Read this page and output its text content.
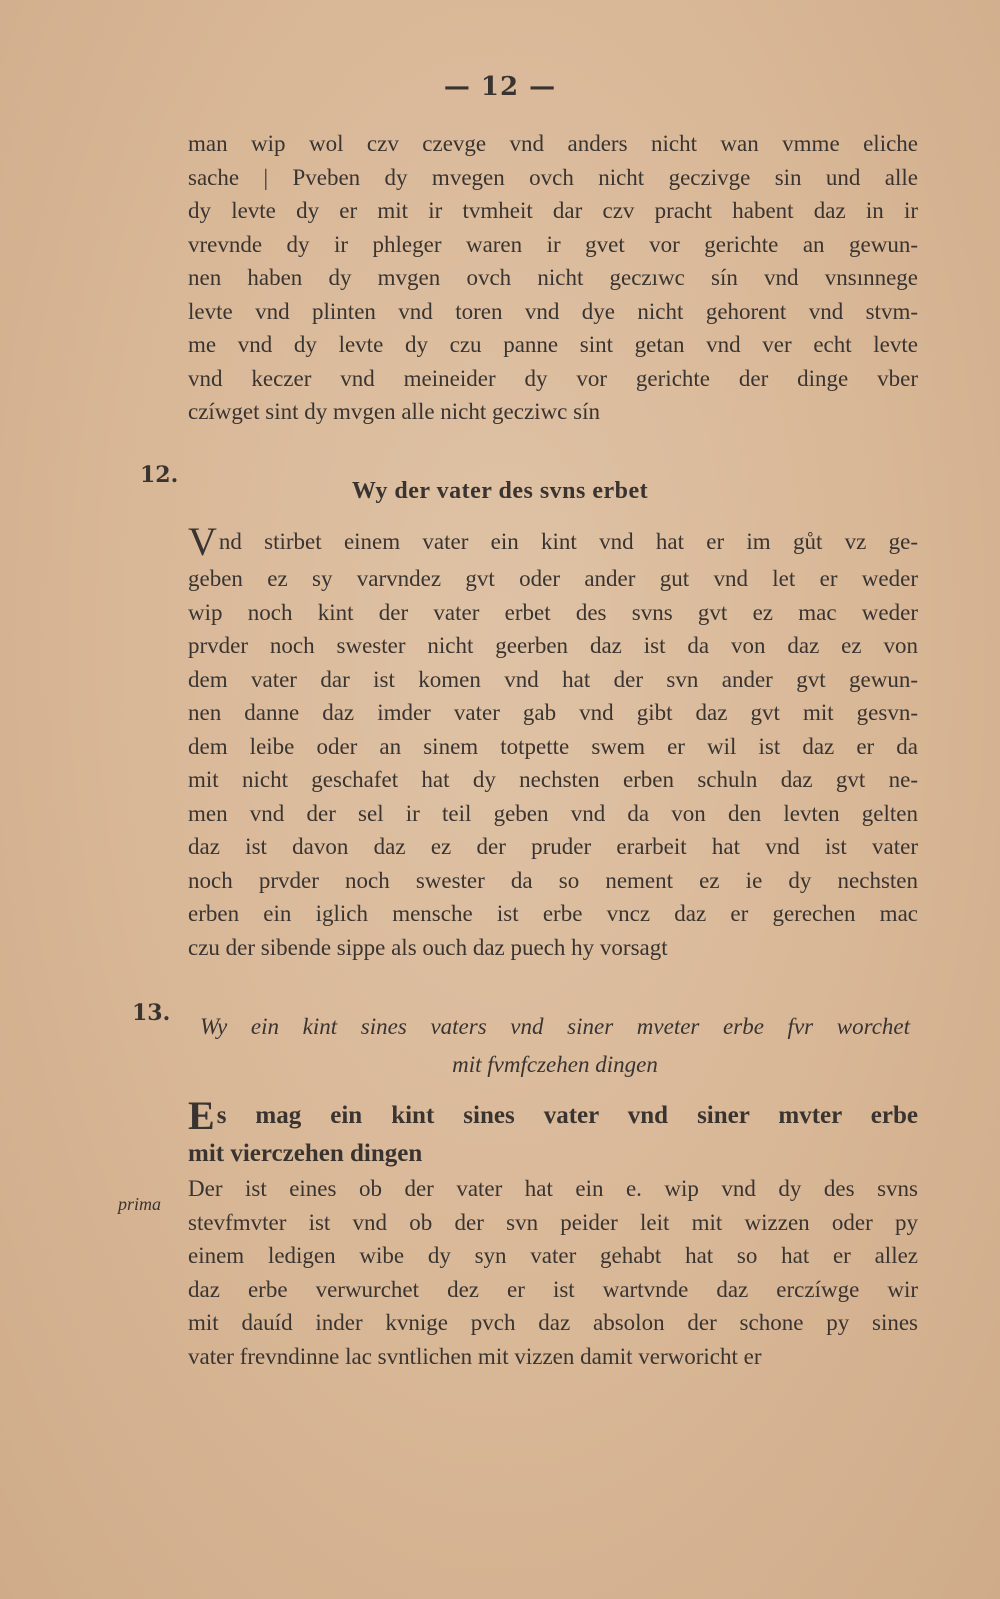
— 12 —
man wip wol czv czevge vnd anders nicht wan vmme eliche
sache | Pveben dy mvegen ovch nicht geczivge sin und alle
dy levte dy er mit ir tvmheit dar czv pracht habent daz in ir
vrevnde dy ir phleger waren ir gvet vor gerichte an gewun-
nen haben dy mvgen ovch nicht geczıwc sín vnd vnsınnege
levte vnd plinten vnd toren vnd dye nicht gehorent vnd stvm-
me vnd dy levte dy czu panne sint getan vnd ver echt levte
vnd keczer vnd meineider dy vor gerichte der dinge vber
czíwget sint dy mvgen alle nicht gecziwc sín
12.
Wy der vater des svns erbet
Vnd stirbet einem vater ein kint vnd hat er im gůt vz ge-
geben ez sy varvndez gvt oder ander gut vnd let er weder
wip noch kint der vater erbet des svns gvt ez mac weder
prvder noch swester nicht geerben daz ist da von daz ez von
dem vater dar ist komen vnd hat der svn ander gvt gewun-
nen danne daz imder vater gab vnd gibt daz gvt mit gesvn-
dem leibe oder an sinem totpette swem er wil ist daz er da
mit nicht geschafet hat dy nechsten erben schuln daz gvt ne-
men vnd der sel ir teil geben vnd da von den levten gelten
daz ist davon daz ez der pruder erarbeit hat vnd ist vater
noch prvder noch swester da so nement ez ie dy nechsten
erben ein iglich mensche ist erbe vncz daz er gerechen mac
czu der sibende sippe als ouch daz puech hy vorsagt
13.
Wy ein kint sines vaters vnd siner mveter erbe fvr worchet
mit fvmfczehen dingen
Es mag ein kint sines vater vnd siner mvter erbe
mit vierczehen dingen
prima
Der ist eines ob der vater hat ein e. wip vnd dy des svns
stevfmvter ist vnd ob der svn peider leit mit wizzen oder py
einem ledigen wibe dy syn vater gehabt hat so hat er allez
daz erbe verwurchet dez er ist wartvnde daz erczíwge wir
mit dauíd inder kvnige pvch daz absolon der schone py sines
vater frevndinne lac svntlichen mit vizzen damit verworicht er
